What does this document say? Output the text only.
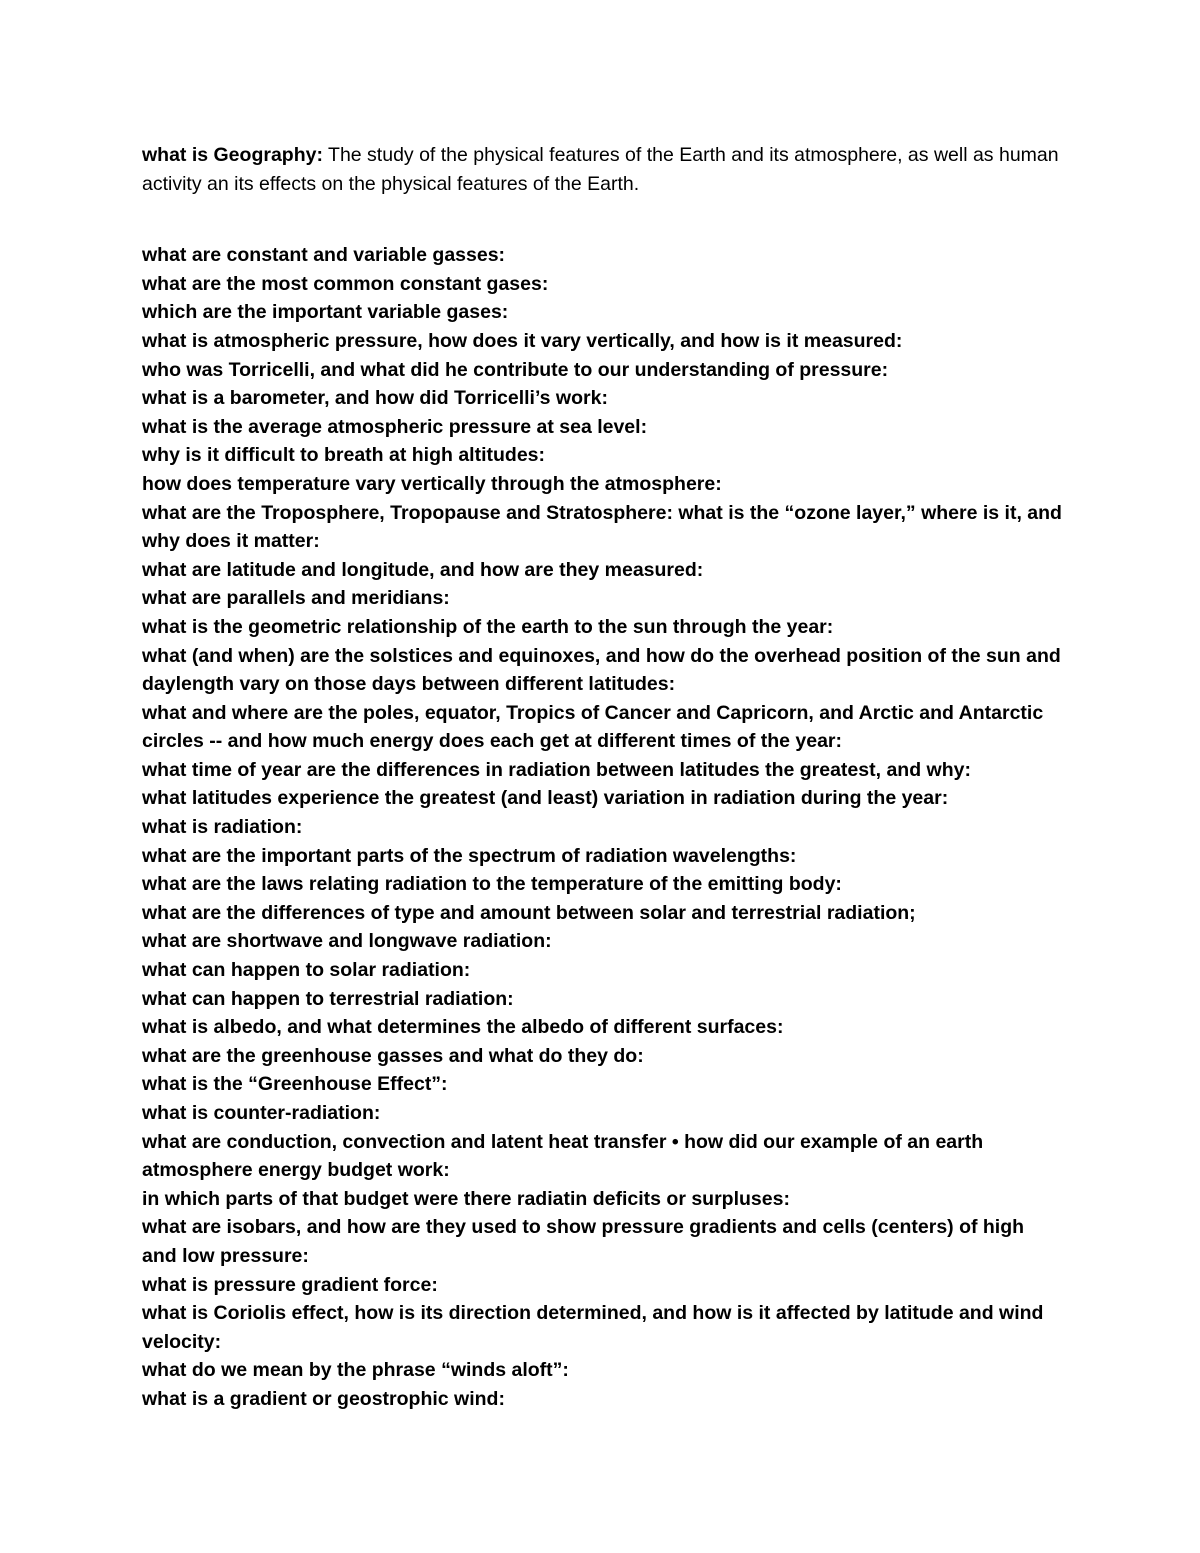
what is Geography: The study of the physical features of the Earth and its atmosphere, as well as human activity an its effects on the physical features of the Earth.

what are constant and variable gasses:
what are the most common constant gases:
which are the important variable gases:
what is atmospheric pressure, how does it vary vertically, and how is it measured:
who was Torricelli, and what did he contribute to our understanding of pressure:
what is a barometer, and how did Torricelli’s work:
what is the average atmospheric pressure at sea level:
why is it difficult to breath at high altitudes:
how does temperature vary vertically through the atmosphere:
what are the Troposphere, Tropopause and Stratosphere: what is the “ozone layer,” where is it, and why does it matter:
what are latitude and longitude, and how are they measured:
what are parallels and meridians:
what is the geometric relationship of the earth to the sun through the year:
what (and when) are the solstices and equinoxes, and how do the overhead position of the sun and daylength vary on those days between different latitudes:
what and where are the poles, equator, Tropics of Cancer and Capricorn, and Arctic and Antarctic circles -- and how much energy does each get at different times of the year:
what time of year are the differences in radiation between latitudes the greatest, and why:
what latitudes experience the greatest (and least) variation in radiation during the year:
what is radiation:
what are the important parts of the spectrum of radiation wavelengths:
what are the laws relating radiation to the temperature of the emitting body:
what are the differences of type and amount between solar and terrestrial radiation;
what are shortwave and longwave radiation:
what can happen to solar radiation:
what can happen to terrestrial radiation:
what is albedo, and what determines the albedo of different surfaces:
what are the greenhouse gasses and what do they do:
what is the “Greenhouse Effect”:
what is counter-radiation:
what are conduction, convection and latent heat transfer • how did our example of an earth atmosphere energy budget work:
in which parts of that budget were there radiatin deficits or surpluses:
what are isobars, and how are they used to show pressure gradients and cells (centers) of high and low pressure:
what is pressure gradient force:
what is Coriolis effect, how is its direction determined, and how is it affected by latitude and wind velocity:
what do we mean by the phrase “winds aloft”:
what is a gradient or geostrophic wind:
